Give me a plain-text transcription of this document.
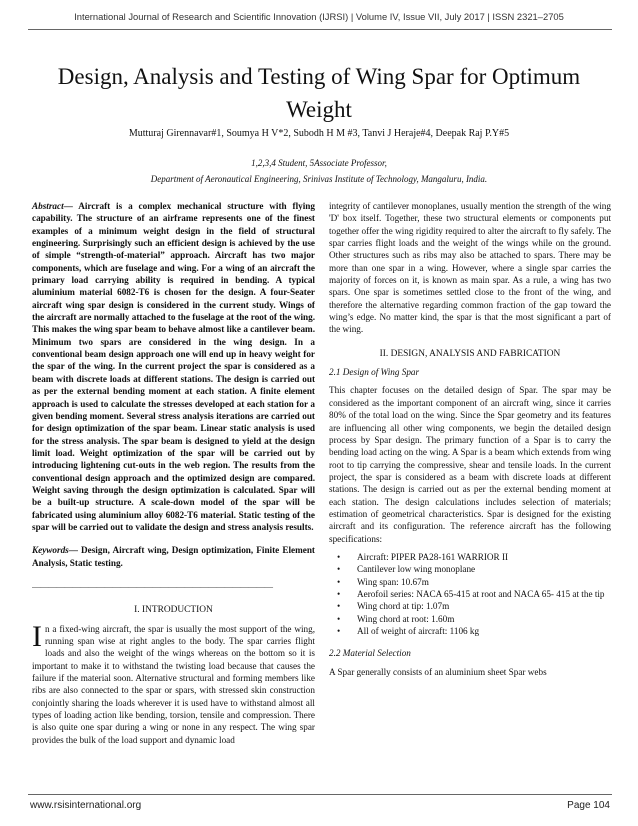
International Journal of Research and Scientific Innovation (IJRSI) | Volume IV, Issue VII, July 2017 | ISSN 2321–2705
Design, Analysis and Testing of Wing Spar for Optimum Weight
Mutturaj Girennavar#1, Soumya H V*2, Subodh H M #3, Tanvi J Heraje#4, Deepak Raj P.Y#5
1,2,3,4 Student, 5Associate Professor,
Department of Aeronautical Engineering, Srinivas Institute of Technology, Mangaluru, India.

Abstract— Aircraft is a complex mechanical structure with flying capability. The structure of an airframe represents one of the finest examples of a minimum weight design in the field of structural engineering. Surprisingly such an efficient design is achieved by the use of simple “strength-of-material” approach. Aircraft has two major components, which are fuselage and wing. For a wing of an aircraft the primary load carrying ability is required in bending. A typical aluminium material 6082-T6 is chosen for the design. A four-Seater aircraft wing spar design is considered in the current study. Wings of the aircraft are normally attached to the fuselage at the root of the wing. This makes the wing spar beam to behave almost like a cantilever beam. Minimum two spars are considered in the wing design. In a conventional beam design approach one will end up in heavy weight for the spar of the wing. In the current project the spar is considered as a beam with discrete loads at different stations. The design is carried out as per the external bending moment at each station. A finite element approach is used to calculate the stresses developed at each station for a given bending moment. Several stress analysis iterations are carried out for design optimization of the spar beam. Linear static analysis is used for the stress analysis. The spar beam is designed to yield at the design limit load. Weight optimization of the spar will be carried out by introducing lightening cut-outs in the web region. The results from the conventional design approach and the optimized design are compared. Weight saving through the design optimization is calculated. Spar will be a built-up structure. A scale-down model of the spar will be fabricated using aluminium alloy 6082-T6 material. Static testing of the spar will be carried out to validate the design and stress analysis results.

Keywords— Design, Aircraft wing, Design optimization, Finite Element Analysis, Static testing.

——————————————————————————————
I. INTRODUCTION

In a fixed-wing aircraft, the spar is usually the most support of the wing, running span wise at right angles to the body. The spar carries flight loads and also the weight of the wings whereas on the bottom so it is important to make it to withstand the twisting load because that causes the failure if the material soon. Alternative structural and forming members like ribs are also connected to the spar or spars, with stressed skin construction conjointly sharing the loads wherever it is used have to withstand almost all types of loading action like bending, torsion, tensile and compression. There is also quite one spar during a wing or none in any respect. The wing spar provides the bulk of the load support and dynamic load

integrity of cantilever monoplanes, usually mention the strength of the wing 'D' box itself. Together, these two structural elements or components put together offer the wing rigidity required to alter the aircraft to fly safely. The spar carries flight loads and the weight of the wings while on the ground. Other structures such as ribs may also be attached to spars. There may be more than one spar in a wing. However, where a single spar carries the majority of forces on it, is known as main spar. As a rule, a wing has two spars. One spar is sometimes settled close to the front of the wing, and therefore the alternative regarding common fraction of the gap toward the wing’s edge. No matter kind, the spar is that the most significant a part of the wing.

II. DESIGN, ANALYSIS AND FABRICATION
2.1 Design of Wing Spar

This chapter focuses on the detailed design of Spar. The spar may be considered as the important component of an aircraft wing, since it carries 80% of the total load on the wing. Since the Spar geometry and its features are influencing all other wing components, we begin the detailed design process by Spar design. The primary function of a Spar is to carry the bending load acting on the wing. A Spar is a beam which extends from wing root to tip carrying the compressive, shear and tensile loads. In the current project, the spar is considered as a beam with discrete loads at different stations. The design is carried out as per the external bending moment at each station. The design calculations includes selection of materials; estimation of geometrical characteristics. Spar is designed for the existing aircraft and its configuration. The reference aircraft has the following specifications:

• Aircraft: PIPER PA28-161 WARRIOR II
• Cantilever low wing monoplane
• Wing span: 10.67m
• Aerofoil series: NACA 65-415 at root and NACA 65- 415 at the tip
• Wing chord at tip: 1.07m
• Wing chord at root: 1.60m
• All of weight of aircraft: 1106 kg
2.2 Material Selection

A Spar generally consists of an aluminium sheet Spar webs

www.rsisinternational.org	Page 104
